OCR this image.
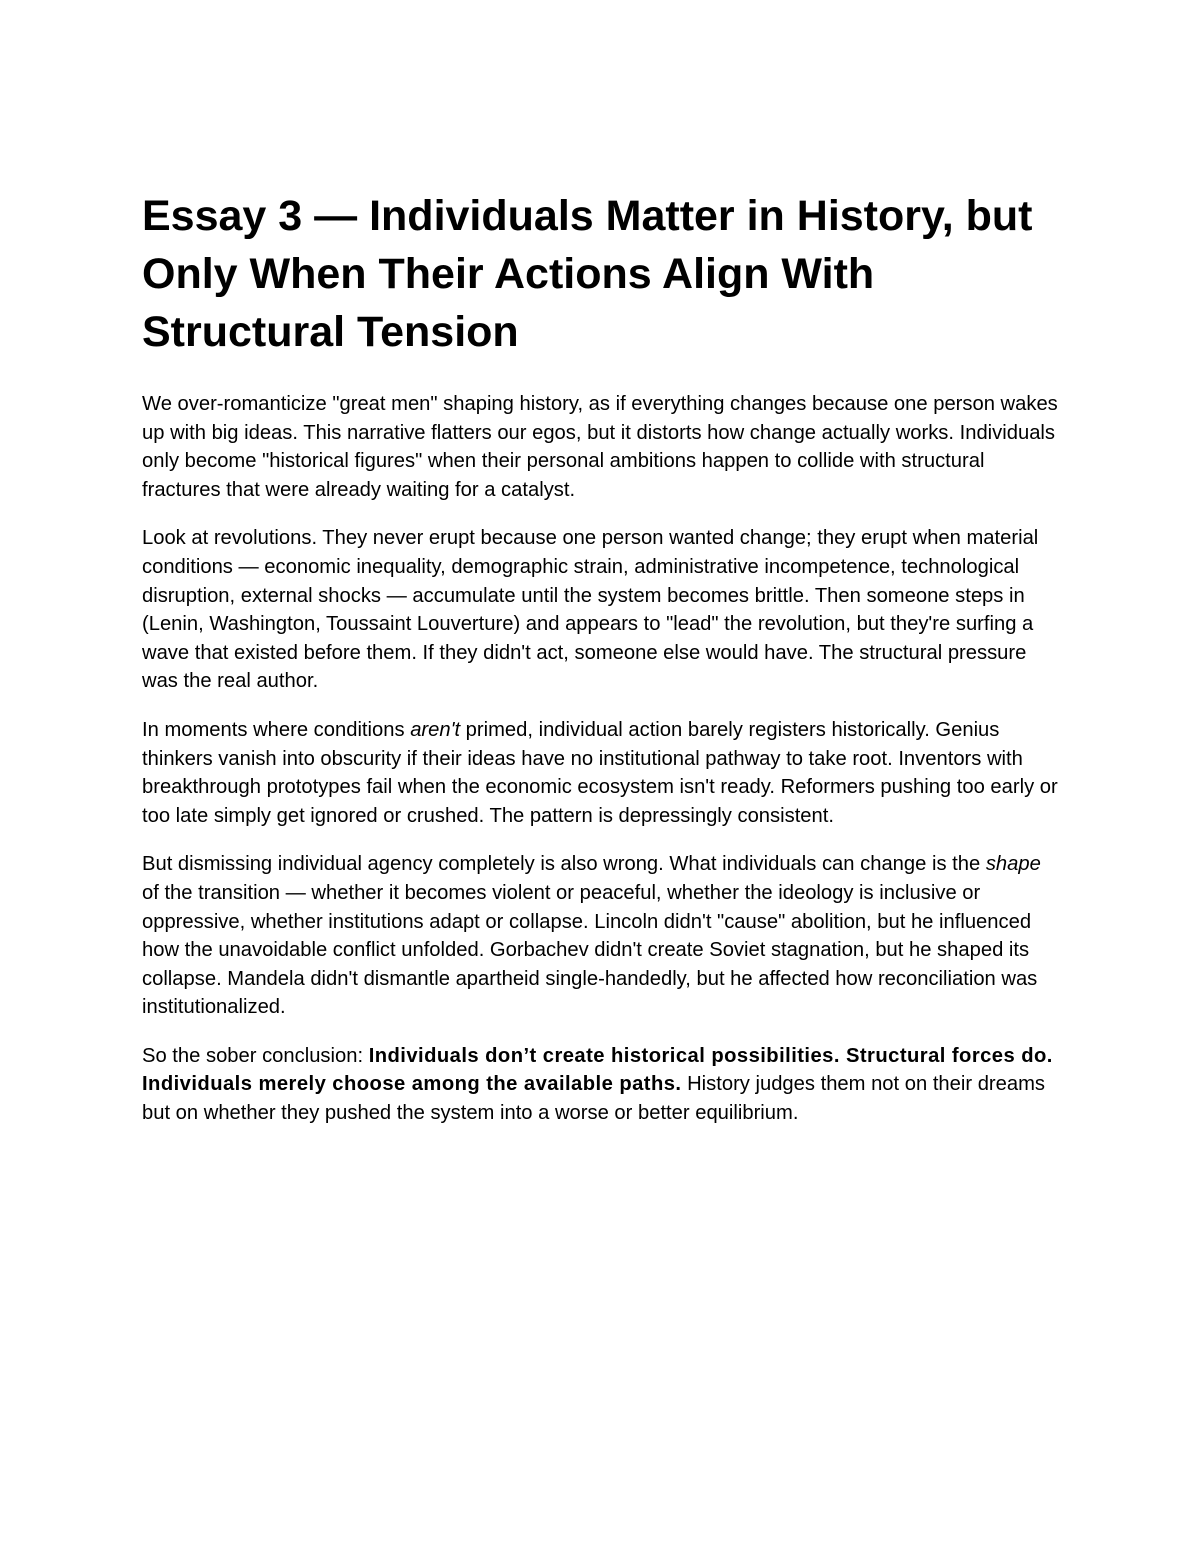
Essay 3 — Individuals Matter in History, but Only When Their Actions Align With Structural Tension

We over-romanticize "great men" shaping history, as if everything changes because one person wakes up with big ideas. This narrative flatters our egos, but it distorts how change actually works. Individuals only become "historical figures" when their personal ambitions happen to collide with structural fractures that were already waiting for a catalyst.

Look at revolutions. They never erupt because one person wanted change; they erupt when material conditions — economic inequality, demographic strain, administrative incompetence, technological disruption, external shocks — accumulate until the system becomes brittle. Then someone steps in (Lenin, Washington, Toussaint Louverture) and appears to "lead" the revolution, but they're surfing a wave that existed before them. If they didn't act, someone else would have. The structural pressure was the real author.

In moments where conditions aren't primed, individual action barely registers historically. Genius thinkers vanish into obscurity if their ideas have no institutional pathway to take root. Inventors with breakthrough prototypes fail when the economic ecosystem isn't ready. Reformers pushing too early or too late simply get ignored or crushed. The pattern is depressingly consistent.

But dismissing individual agency completely is also wrong. What individuals can change is the shape of the transition — whether it becomes violent or peaceful, whether the ideology is inclusive or oppressive, whether institutions adapt or collapse. Lincoln didn't "cause" abolition, but he influenced how the unavoidable conflict unfolded. Gorbachev didn't create Soviet stagnation, but he shaped its collapse. Mandela didn't dismantle apartheid single-handedly, but he affected how reconciliation was institutionalized.

So the sober conclusion: Individuals don’t create historical possibilities. Structural forces do. Individuals merely choose among the available paths. History judges them not on their dreams but on whether they pushed the system into a worse or better equilibrium.
